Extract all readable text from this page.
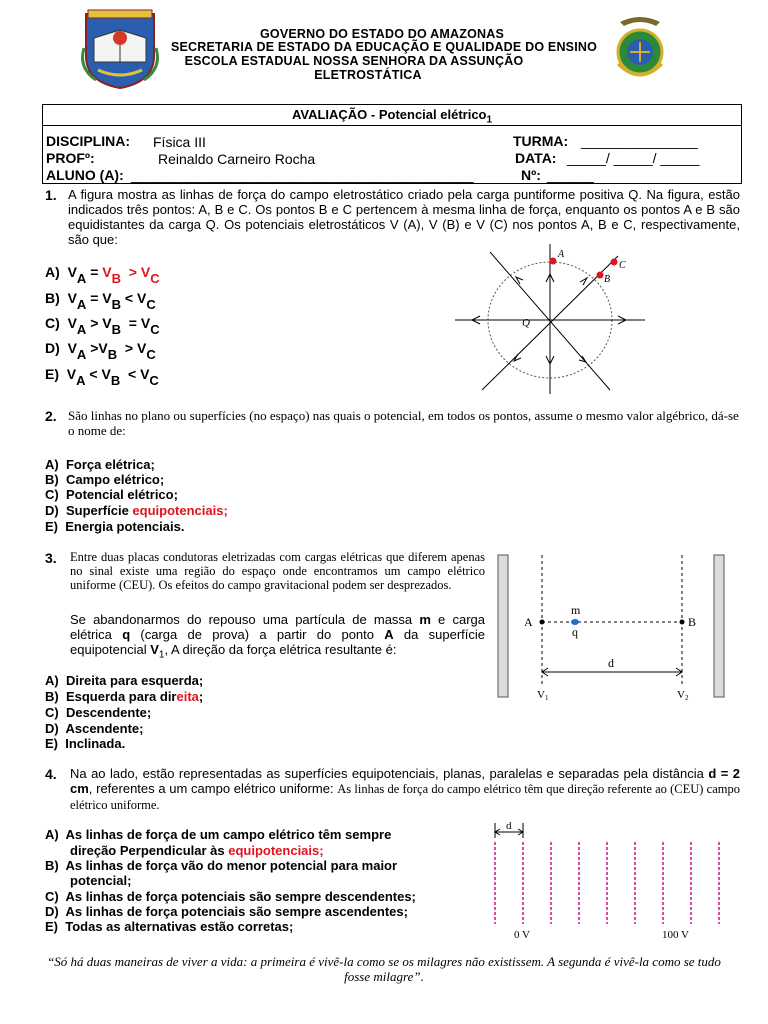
GOVERNO DO ESTADO DO AMAZONAS
SECRETARIA DE ESTADO DA EDUCAÇÃO E QUALIDADE DO ENSINO
ESCOLA ESTADUAL NOSSA SENHORA DA ASSUNÇÃO
ELETROSTÁTICA
AVALIAÇÃO - Potencial elétrico$_1$
DISCIPLINA: Física III	TURMA: _______________
PROFº:	Reinaldo Carneiro Rocha	DATA: _____/ _____/ _____
ALUNO (A): ____________________________________________	Nº: ______
1. A figura mostra as linhas de força do campo eletrostático criado pela carga puntiforme positiva Q. Na figura, estão indicados três pontos: A, B e C. Os pontos B e C pertencem à mesma linha de força, enquanto os pontos A e B são equidistantes da carga Q. Os potenciais eletrostáticos V (A), V (B) e V (C) nos pontos A, B e C, respectivamente, são que:
A) VA = VB > VC
B) VA = VB < VC
C) VA > VB = VC
D) VA >VB > VC
E) VA < VB < VC
A
B
C
Q
2. São linhas no plano ou superfícies (no espaço) nas quais o potencial, em todos os pontos, assume o mesmo valor algébrico, dá-se o nome de:
A) Força elétrica;
B) Campo elétrico;
C) Potencial elétrico;
D) Superfície equipotenciais;
E) Energia potenciais.
3. Entre duas placas condutoras eletrizadas com cargas elétricas que diferem apenas no sinal existe uma região do espaço onde encontramos um campo elétrico uniforme (CEU). Os efeitos do campo gravitacional podem ser desprezados.
Se abandonarmos do repouso uma partícula de massa m e carga elétrica q (carga de prova) a partir do ponto A da superfície equipotencial $V_1$, A direção da força elétrica resultante é:
A) Direita para esquerda;
B) Esquerda para direita;
C) Descendente;
D) Ascendente;
E) Inclinada.
A	B
m
q
d
V1	V2
4. Na ao lado, estão representadas as superfícies equipotenciais, planas, paralelas e separadas pela distância d = 2 cm, referentes a um campo elétrico uniforme: As linhas de força do campo elétrico têm que direção referente ao (CEU) campo elétrico uniforme.
A) As linhas de força de um campo elétrico têm sempre
direção Perpendicular às equipotenciais;
B) As linhas de força vão do menor potencial para maior
potencial;
C) As linhas de força potenciais são sempre descendentes;
D) As linhas de força potenciais são sempre ascendentes;
E) Todas as alternativas estão corretas;
d
0 V	100 V
“Só há duas maneiras de viver a vida: a primeira é vivê-la como se os milagres não existissem. A segunda é vivê-la como se tudo fosse milagre”.
